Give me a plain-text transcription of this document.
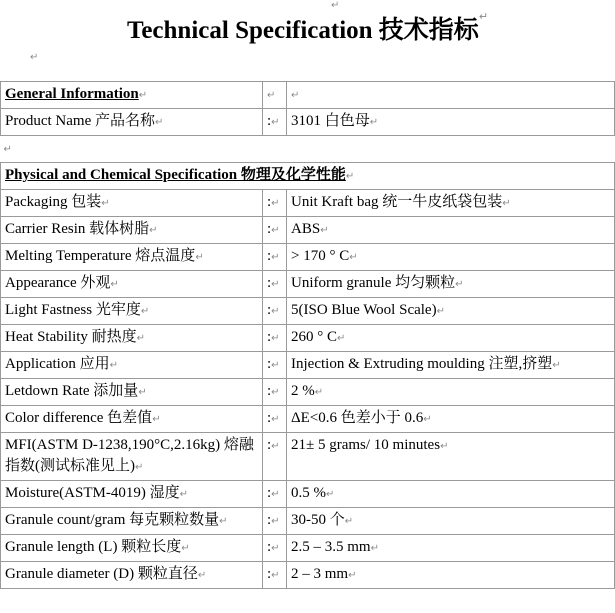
↵
Technical Specification 技术指标↵
↵
General Information↵	↵	↵
Product Name 产品名称↵	:↵	3101 白色母↵
↵		
Physical and Chemical Specification 物理及化学性能↵		
Packaging 包装↵	:↵	Unit Kraft bag 统一牛皮纸袋包装↵
Carrier Resin 载体树脂↵	:↵	ABS↵
Melting Temperature 熔点温度↵	:↵	> 170 ° C↵
Appearance 外观↵	:↵	Uniform granule 均匀颗粒↵
Light Fastness 光牢度↵	:↵	5(ISO Blue Wool Scale)↵
Heat Stability 耐热度↵	:↵	260 ° C↵
Application 应用↵	:↵	Injection & Extruding moulding 注塑,挤塑↵
Letdown Rate 添加量↵	:↵	2 %↵
Color difference 色差值↵	:↵	ΔE<0.6 色差小于 0.6↵
MFI(ASTM D-1238,190°C,2.16kg) 熔融指数(测试标准见上)↵	:↵	21± 5 grams/ 10 minutes↵
Moisture(ASTM-4019) 湿度↵	:↵	0.5 %↵
Granule count/gram 每克颗粒数量↵	:↵	30-50 个↵
Granule length (L) 颗粒长度↵	:↵	2.5 – 3.5 mm↵
Granule diameter (D) 颗粒直径↵	:↵	2 – 3 mm↵
